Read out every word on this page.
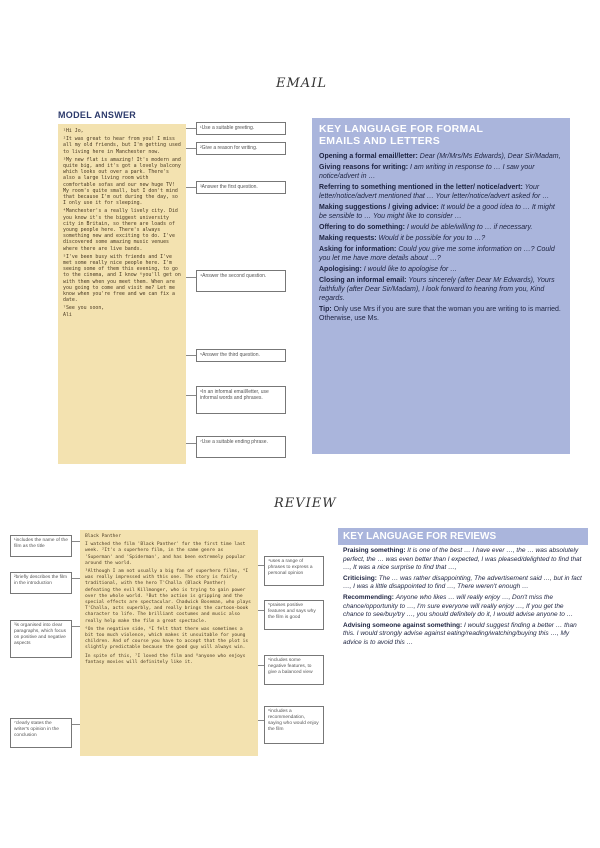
EMAIL
MODEL ANSWER

¹Hi Jo,

²It was great to hear from you! I miss all my old friends, but I'm getting used to living here in Manchester now.

³My new flat is amazing! It's modern and quite big, and it's got a lovely balcony which looks out over a park. There's also a large living room with comfortable sofas and our new huge TV! My room's quite small, but I don't mind that because I'm out during the day, so I only use it for sleeping.

⁴Manchester's a really lively city. Did you know it's the biggest university city in Britain, so there are loads of young people here. There's always something new and exciting to do. I've discovered some amazing music venues where there are live bands.

⁵I've been busy with friends and I've met some really nice people here. I'm seeing some of them this evening, to go to the cinema, and I know ⁶you'll get on with them when you meet them. When are you going to come and visit me? Let me know when you're free and we can fix a date.

⁷See you soon,

Ali

¹Use a suitable greeting.
²Give a reason for writing.
³Answer the first question.
⁴Answer the second question.
⁵Answer the third question.
⁶In an informal email/letter, use informal words and phrases.
⁷Use a suitable ending phrase.
KEY LANGUAGE FOR FORMAL
EMAILS AND LETTERS
Opening a formal email/letter: Dear (Mr/Mrs/Ms Edwards), Dear Sir/Madam,
Giving reasons for writing: I am writing in response to … I saw your notice/advert in …
Referring to something mentioned in the letter/ notice/advert: Your letter/notice/advert mentioned that … Your letter/notice/advert asked for …
Making suggestions / giving advice: It would be a good idea to … It might be sensible to … You might like to consider …
Offering to do something: I would be able/willing to … if necessary.
Making requests: Would it be possible for you to …?
Asking for information: Could you give me some information on …? Could you let me have more details about …?
Apologising: I would like to apologise for …
Closing an informal email: Yours sincerely (after Dear Mr Edwards), Yours faithfully (after Dear Sir/Madam), I look forward to hearing from you, Kind regards.
Tip: Only use Mrs if you are sure that the woman you are writing to is married. Otherwise, use Ms.
REVIEW
¹includes the name of the film as the title
²briefly describes the film in the introduction
³is organised into clear paragraphs, which focus on positive and negative aspects
⁷clearly states the writer's opinion in the conclusion

Black Panther

I watched the film 'Black Panther' for the first time last week. ²It's a superhero film, in the same genre as 'Superman' and 'Spiderman', and has been extremely popular around the world.

³Although I am not usually a big fan of superhero films, ⁴I was really impressed with this one. The story is fairly traditional, with the hero T'Challa (Black Panther) defeating the evil Killmonger, who is trying to gain power over the whole world. ⁵But the action is gripping and the special effects are spectacular. Chadwick Boseman, who plays T'Challa, acts superbly, and really brings the cartoon-book character to life. The brilliant costumes and music also really help make the film a great spectacle.

⁶On the negative side, ⁶I felt that there was sometimes a bit too much violence, which makes it unsuitable for young children. And of course you have to accept that the plot is slightly predictable because the good guy will always win.

In spite of this, ⁷I loved the film and ⁸anyone who enjoys fantasy movies will definitely like it.

⁴uses a range of phrases to express a personal opinion
⁵praises positive features and says why the film is good
⁶includes some negative features, to give a balanced view
⁸includes a recommendation, saying who would enjoy the film
KEY LANGUAGE FOR REVIEWS
Praising something: It is one of the best … I have ever …, the … was absolutely perfect, the … was even better than I expected, I was pleased/delighted to find that …, It was a nice surprise to find that …,
Criticising: The … was rather disappointing, The advertisement said …, but in fact …, I was a little disappointed to find …, There weren't enough …
Recommending: Anyone who likes … will really enjoy …, Don't miss the chance/opportunity to …, I'm sure everyone will really enjoy …, If you get the chance to see/buy/try …, you should definitely do it, I would advise anyone to …
Advising someone against something: I would suggest finding a better … than this. I would strongly advise against eating/reading/watching/buying this …, My advice is to avoid this …
